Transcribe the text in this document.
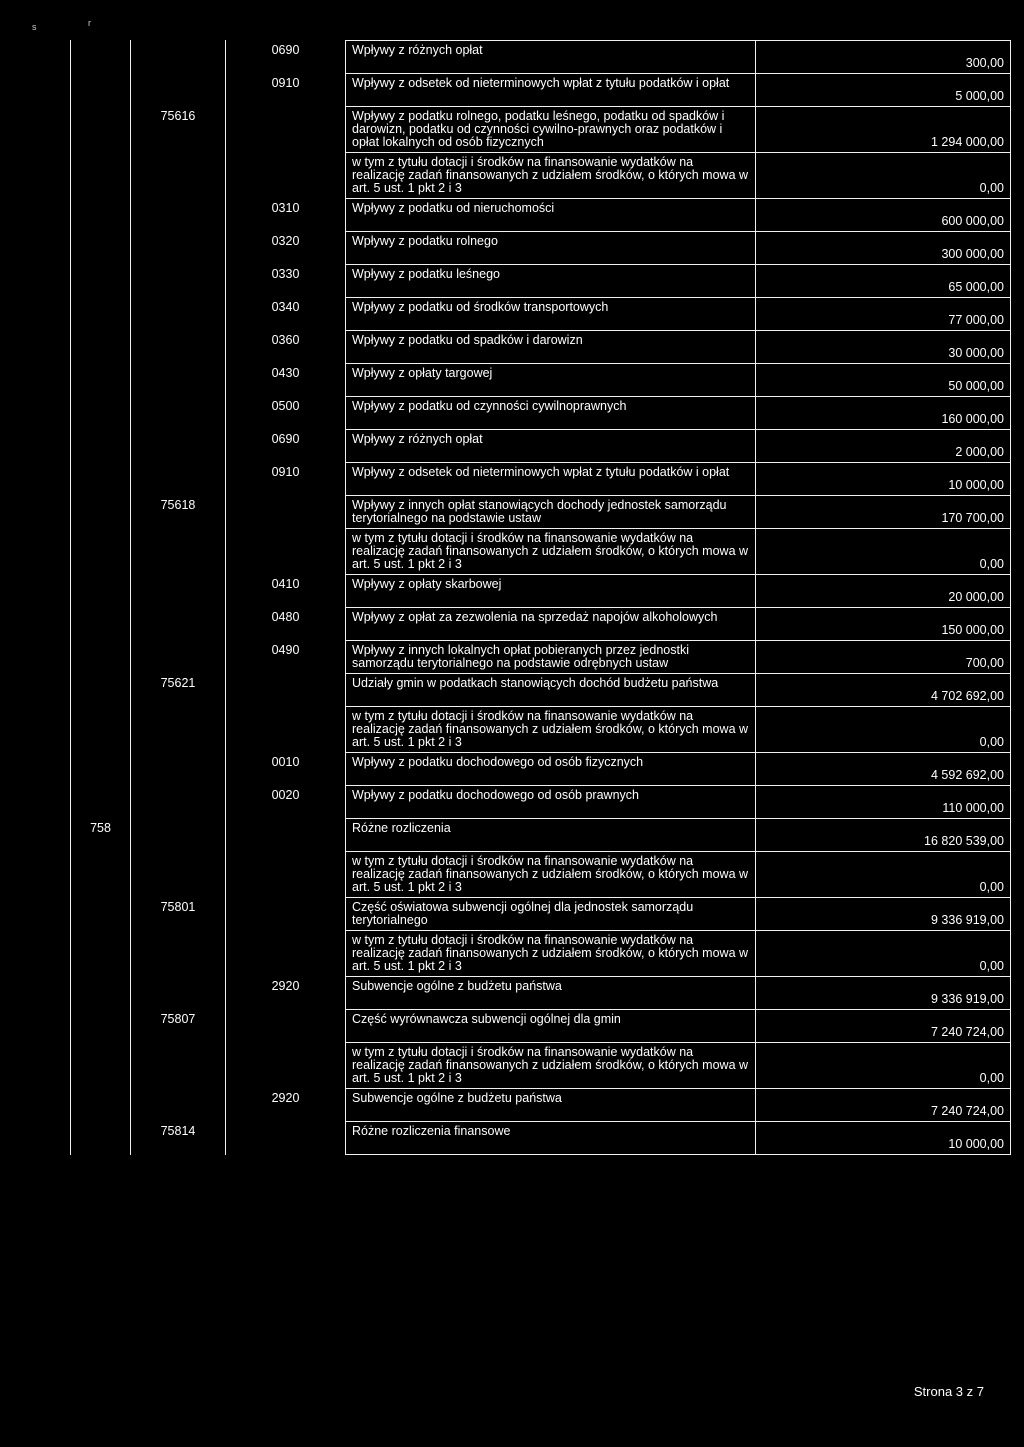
s	r
		0690	Wpływy z różnych opłat	300,00
		0910	Wpływy z odsetek od nieterminowych wpłat z tytułu podatków i opłat	5 000,00
	75616		Wpływy z podatku rolnego, podatku leśnego, podatku od spadków i darowizn, podatku od czynności cywilno-prawnych oraz podatków i opłat lokalnych od osób fizycznych	1 294 000,00
			w tym z tytułu dotacji i środków na finansowanie wydatków na realizację zadań finansowanych z udziałem środków, o których mowa w art. 5 ust. 1 pkt 2 i 3	0,00
		0310	Wpływy z podatku od nieruchomości	600 000,00
		0320	Wpływy z podatku rolnego	300 000,00
		0330	Wpływy z podatku leśnego	65 000,00
		0340	Wpływy z podatku od środków transportowych	77 000,00
		0360	Wpływy z podatku od spadków i darowizn	30 000,00
		0430	Wpływy z opłaty targowej	50 000,00
		0500	Wpływy z podatku od czynności cywilnoprawnych	160 000,00
		0690	Wpływy z różnych opłat	2 000,00
		0910	Wpływy z odsetek od nieterminowych wpłat z tytułu podatków i opłat	10 000,00
	75618		Wpływy z innych opłat stanowiących dochody jednostek samorządu terytorialnego na podstawie ustaw	170 700,00
			w tym z tytułu dotacji i środków na finansowanie wydatków na realizację zadań finansowanych z udziałem środków, o których mowa w art. 5 ust. 1 pkt 2 i 3	0,00
		0410	Wpływy z opłaty skarbowej	20 000,00
		0480	Wpływy z opłat za zezwolenia na sprzedaż napojów alkoholowych	150 000,00
		0490	Wpływy z innych lokalnych opłat pobieranych przez jednostki samorządu terytorialnego na podstawie odrębnych ustaw	700,00
	75621		Udziały gmin w podatkach stanowiących dochód budżetu państwa	4 702 692,00
			w tym z tytułu dotacji i środków na finansowanie wydatków na realizację zadań finansowanych z udziałem środków, o których mowa w art. 5 ust. 1 pkt 2 i 3	0,00
		0010	Wpływy z podatku dochodowego od osób fizycznych	4 592 692,00
		0020	Wpływy z podatku dochodowego od osób prawnych	110 000,00
758			Różne rozliczenia	16 820 539,00
			w tym z tytułu dotacji i środków na finansowanie wydatków na realizację zadań finansowanych z udziałem środków, o których mowa w art. 5 ust. 1 pkt 2 i 3	0,00
	75801		Część oświatowa subwencji ogólnej dla jednostek samorządu terytorialnego	9 336 919,00
			w tym z tytułu dotacji i środków na finansowanie wydatków na realizację zadań finansowanych z udziałem środków, o których mowa w art. 5 ust. 1 pkt 2 i 3	0,00
		2920	Subwencje ogólne z budżetu państwa	9 336 919,00
	75807		Część wyrównawcza subwencji ogólnej dla gmin	7 240 724,00
			w tym z tytułu dotacji i środków na finansowanie wydatków na realizację zadań finansowanych z udziałem środków, o których mowa w art. 5 ust. 1 pkt 2 i 3	0,00
		2920	Subwencje ogólne z budżetu państwa	7 240 724,00
	75814		Różne rozliczenia finansowe	10 000,00
Strona 3 z 7
